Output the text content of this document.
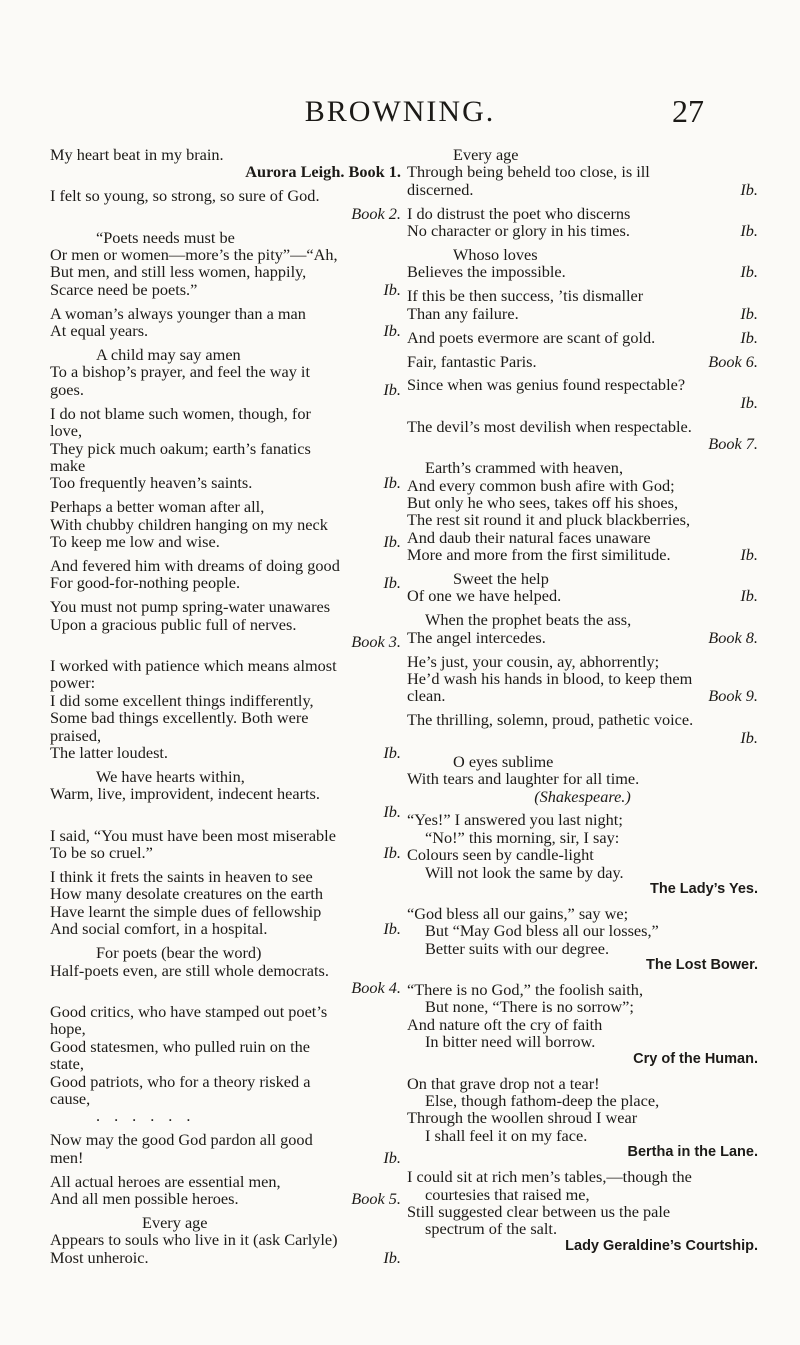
BROWNING.	27
My heart beat in my brain.
Aurora Leigh. Book 1.
I felt so young, so strong, so sure of God.
Book 2.
“Poets needs must be
Or men or women—more’s the pity”—“Ah,
But men, and still less women, happily,
Ib.
Scarce need be poets.”
A woman’s always younger than a man
Ib.
At equal years.
A child may say amen
To a bishop’s prayer, and feel the way it
Ib.
goes.
I do not blame such women, though, for
love,
They pick much oakum; earth’s fanatics
make
Ib.
Too frequently heaven’s saints.
Perhaps a better woman after all,
With chubby children hanging on my neck
Ib.
To keep me low and wise.
And fevered him with dreams of doing good
Ib.
For good-for-nothing people.
You must not pump spring-water unawares
Upon a gracious public full of nerves.
Book 3.
I worked with patience which means almost
power:
I did some excellent things indifferently,
Some bad things excellently. Both were
praised,
Ib.
The latter loudest.
We have hearts within,
Warm, live, improvident, indecent hearts.
Ib.
I said, “You must have been most miserable
Ib.
To be so cruel.”
I think it frets the saints in heaven to see
How many desolate creatures on the earth
Have learnt the simple dues of fellowship
Ib.
And social comfort, in a hospital.
For poets (bear the word)
Half-poets even, are still whole democrats.
Book 4.
Good critics, who have stamped out poet’s
hope,
Good statesmen, who pulled ruin on the
state,
Good patriots, who for a theory risked a
cause,
......
Now may the good God pardon all good
Ib.
men!
All actual heroes are essential men,
Book 5.
And all men possible heroes.
Every age
Appears to souls who live in it (ask Carlyle)
Ib.
Most unheroic.
Every age
Through being beheld too close, is ill
Ib.
discerned.
I do distrust the poet who discerns
Ib.
No character or glory in his times.
Whoso loves
Ib.
Believes the impossible.
If this be then success, ’tis dismaller
Ib.
Than any failure.
Ib.
And poets evermore are scant of gold.
Book 6.
Fair, fantastic Paris.
Since when was genius found respectable?
Ib.
The devil’s most devilish when respectable.
Book 7.
Earth’s crammed with heaven,
And every common bush afire with God;
But only he who sees, takes off his shoes,
The rest sit round it and pluck blackberries,
And daub their natural faces unaware
Ib.
More and more from the first similitude.
Sweet the help
Ib.
Of one we have helped.
When the prophet beats the ass,
Book 8.
The angel intercedes.
He’s just, your cousin, ay, abhorrently;
He’d wash his hands in blood, to keep them
Book 9.
clean.
The thrilling, solemn, proud, pathetic voice.
Ib.
O eyes sublime
With tears and laughter for all time.
(Shakespeare.)
“Yes!” I answered you last night;
“No!” this morning, sir, I say:
Colours seen by candle-light
Will not look the same by day.
The Lady’s Yes.
“God bless all our gains,” say we;
But “May God bless all our losses,”
Better suits with our degree.
The Lost Bower.
“There is no God,” the foolish saith,
But none, “There is no sorrow”;
And nature oft the cry of faith
In bitter need will borrow.
Cry of the Human.
On that grave drop not a tear!
Else, though fathom-deep the place,
Through the woollen shroud I wear
I shall feel it on my face.
Bertha in the Lane.
I could sit at rich men’s tables,—though the
courtesies that raised me,
Still suggested clear between us the pale
spectrum of the salt.
Lady Geraldine’s Courtship.
